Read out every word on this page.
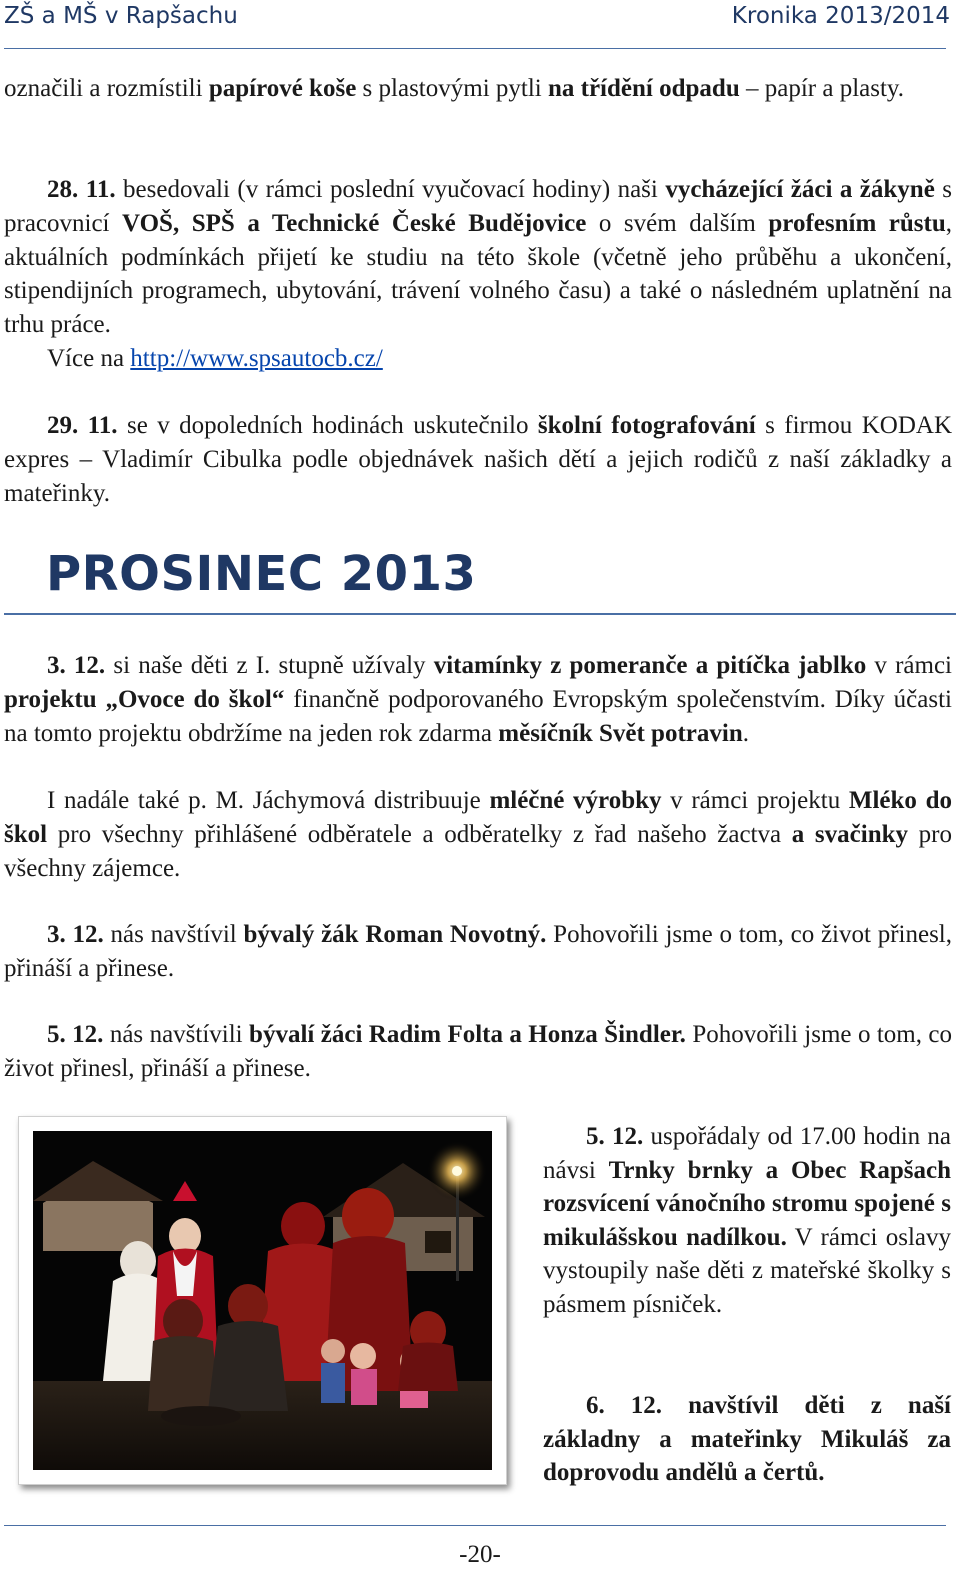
ZŠ a MŠ v Rapšachu	Kronika 2013/2014

označili a rozmístili papírové koše s plastovými pytli na třídění odpadu – papír a plasty.

28. 11. besedovali (v rámci poslední vyučovací hodiny) naši vycházející žáci a žákyně s pracovnicí VOŠ, SPŠ a Technické České Budějovice o svém dalším profesním růstu, aktuálních podmínkách přijetí ke studiu na této škole (včetně jeho průběhu a ukončení, stipendijních programech, ubytování, trávení volného času) a také o následném uplatnění na trhu práce.

Více na http://www.spsautocb.cz/

29. 11. se v dopoledních hodinách uskutečnilo školní fotografování s firmou KODAK expres – Vladimír Cibulka podle objednávek našich dětí a jejich rodičů z naší základky a mateřinky.

PROSINEC 2013

3. 12. si naše děti z I. stupně užívaly vitamínky z pomeranče a pitíčka jablko v rámci projektu „Ovoce do škol“ finančně podporovaného Evropským společenstvím. Díky účasti na tomto projektu obdržíme na jeden rok zdarma měsíčník Svět potravin.

I nadále také p. M. Jáchymová distribuuje mléčné výrobky v rámci projektu Mléko do škol pro všechny přihlášené odběratele a odběratelky z řad našeho žactva a svačinky pro všechny zájemce.

3. 12. nás navštívil bývalý žák Roman Novotný. Pohovořili jsme o tom, co život přinesl, přináší a přinese.

5. 12. nás navštívili bývalí žáci Radim Folta a Honza Šindler. Pohovořili jsme o tom, co život přinesl, přináší a přinese.

5. 12. uspořádaly od 17.00 hodin na návsi Trnky brnky a Obec Rapšach rozsvícení vánočního stromu spojené s mikulášskou nadílkou. V rámci oslavy vystoupily naše děti z mateřské školky s pásmem písniček.

6. 12. navštívil děti z naší základny a mateřinky Mikuláš za doprovodu andělů a čertů.

-20-
